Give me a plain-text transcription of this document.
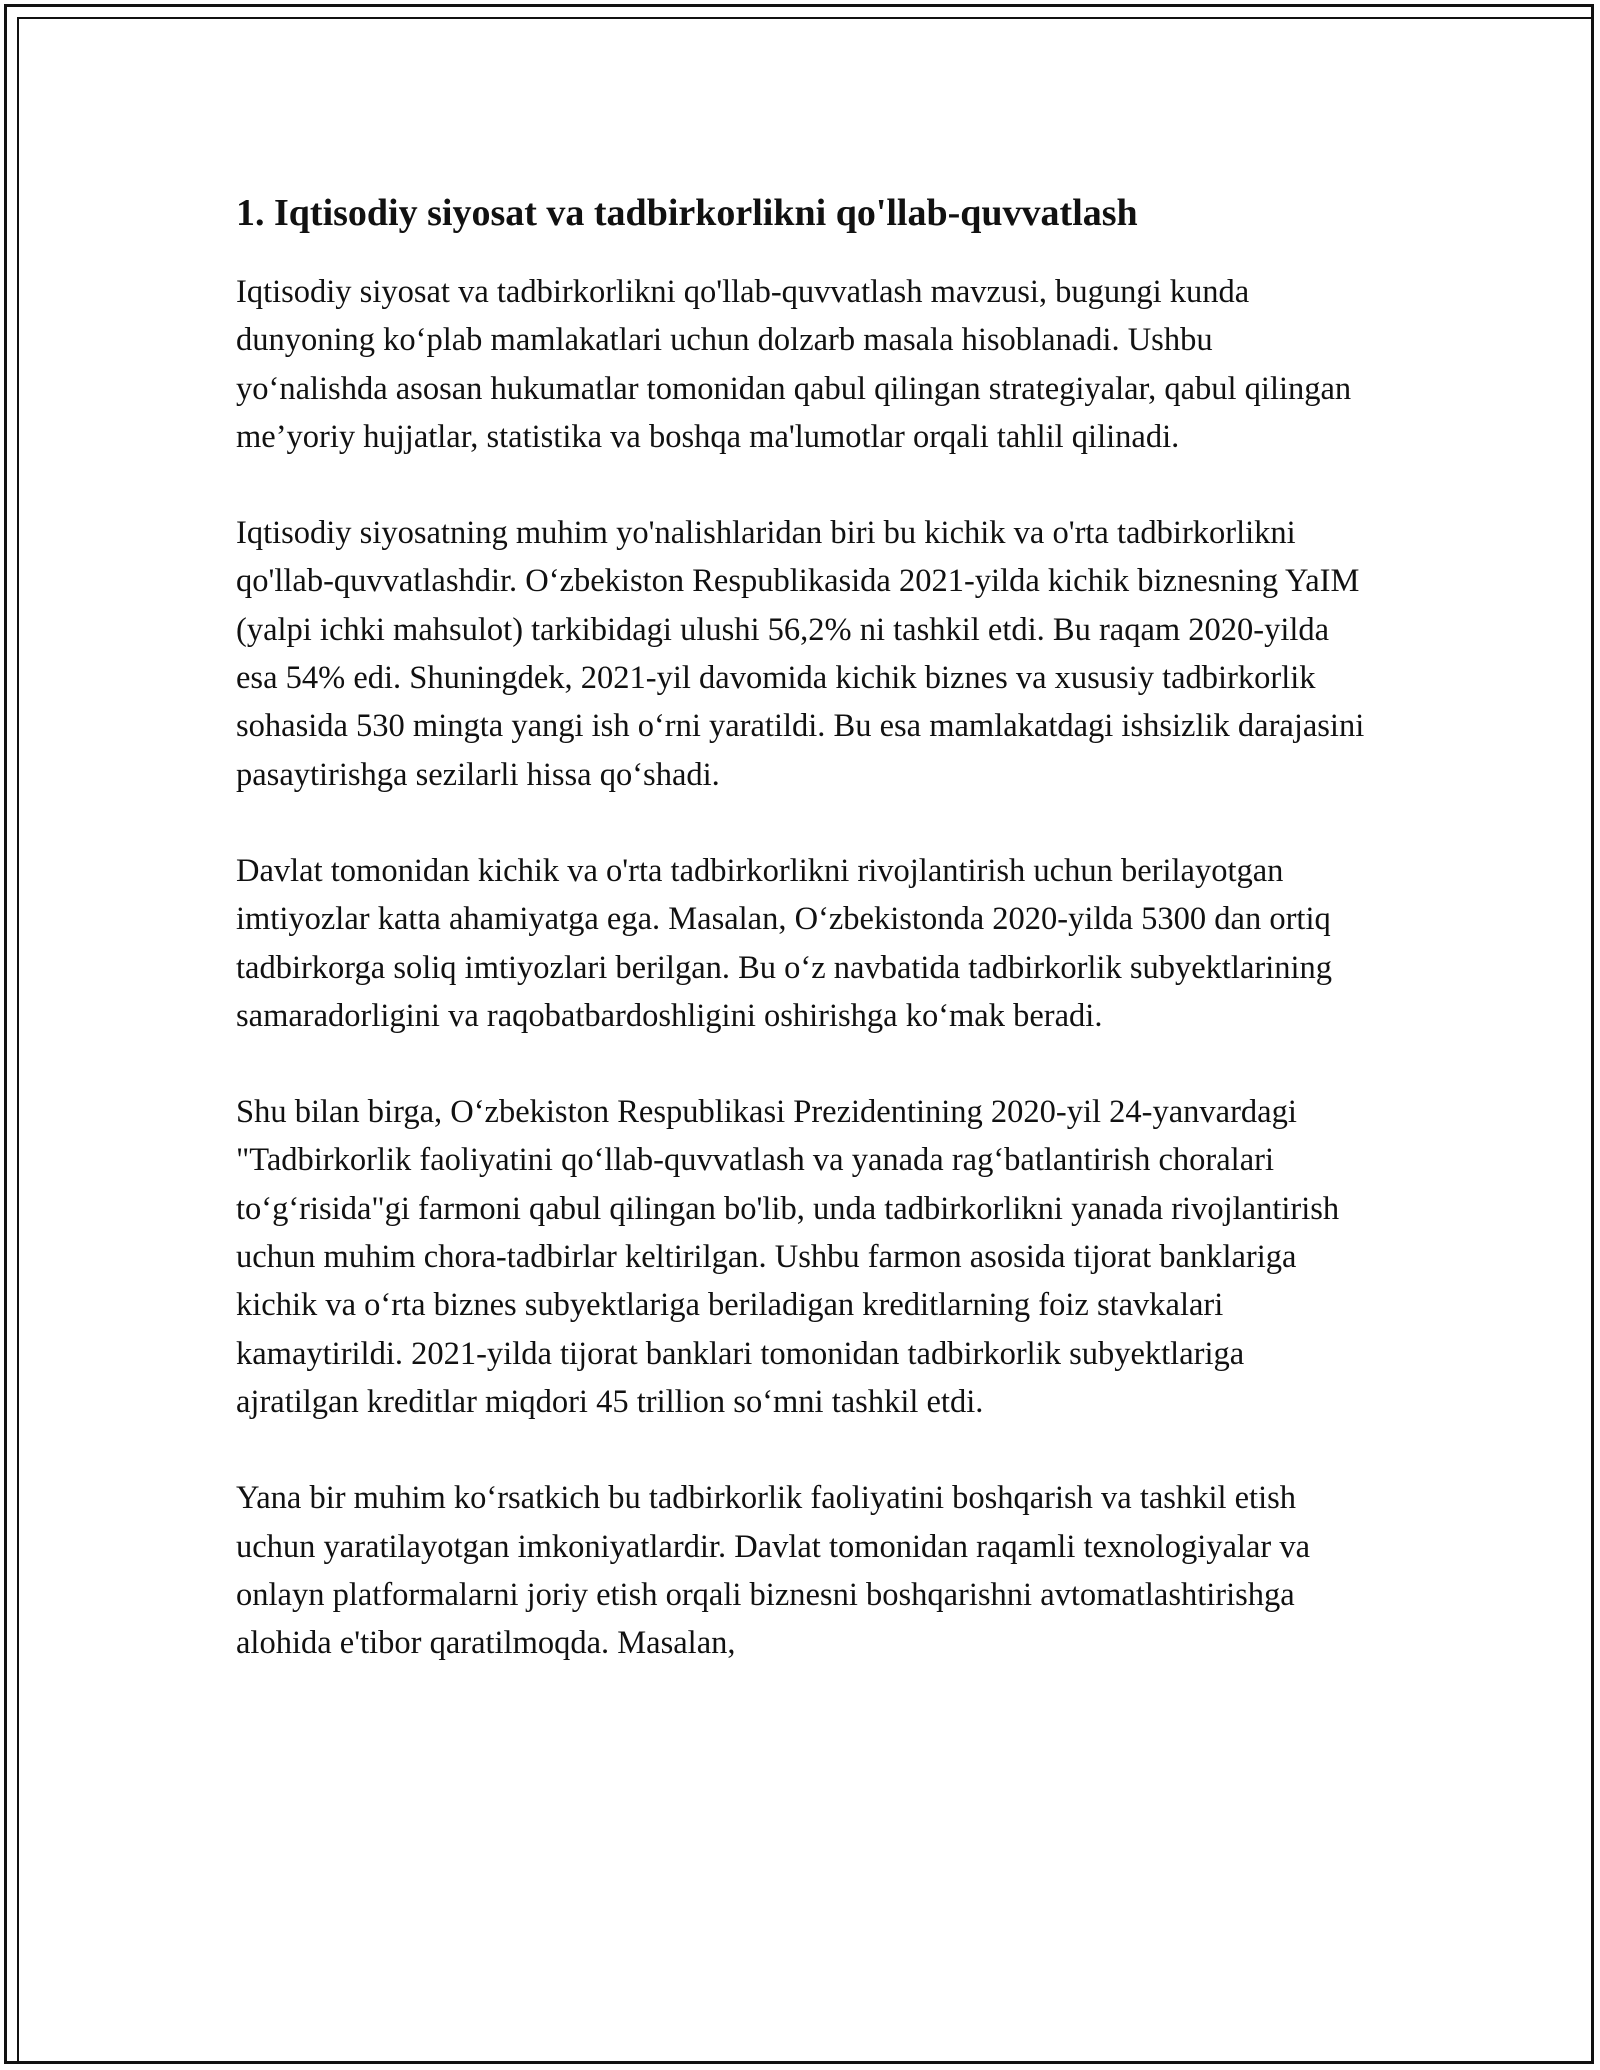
1. Iqtisodiy siyosat va tadbirkorlikni qo'llab-quvvatlash

Iqtisodiy siyosat va tadbirkorlikni qo'llab-quvvatlash mavzusi, bugungi kunda dunyoning ko‘plab mamlakatlari uchun dolzarb masala hisoblanadi. Ushbu yo‘nalishda asosan hukumatlar tomonidan qabul qilingan strategiyalar, qabul qilingan me’yoriy hujjatlar, statistika va boshqa ma'lumotlar orqali tahlil qilinadi.

Iqtisodiy siyosatning muhim yo'nalishlaridan biri bu kichik va o'rta tadbirkorlikni qo'llab-quvvatlashdir. O‘zbekiston Respublikasida 2021-yilda kichik biznesning YaIM (yalpi ichki mahsulot) tarkibidagi ulushi 56,2% ni tashkil etdi. Bu raqam 2020-yilda esa 54% edi. Shuningdek, 2021-yil davomida kichik biznes va xususiy tadbirkorlik sohasida 530 mingta yangi ish o‘rni yaratildi. Bu esa mamlakatdagi ishsizlik darajasini pasaytirishga sezilarli hissa qo‘shadi.

Davlat tomonidan kichik va o'rta tadbirkorlikni rivojlantirish uchun berilayotgan imtiyozlar katta ahamiyatga ega. Masalan, O‘zbekistonda 2020-yilda 5300 dan ortiq tadbirkorga soliq imtiyozlari berilgan. Bu o‘z navbatida tadbirkorlik subyektlarining samaradorligini va raqobatbardoshligini oshirishga ko‘mak beradi.

Shu bilan birga, O‘zbekiston Respublikasi Prezidentining 2020-yil 24-yanvardagi "Tadbirkorlik faoliyatini qo‘llab-quvvatlash va yanada rag‘batlantirish choralari to‘g‘risida"gi farmoni qabul qilingan bo'lib, unda tadbirkorlikni yanada rivojlantirish uchun muhim chora-tadbirlar keltirilgan. Ushbu farmon asosida tijorat banklariga kichik va o‘rta biznes subyektlariga beriladigan kreditlarning foiz stavkalari kamaytirildi. 2021-yilda tijorat banklari tomonidan tadbirkorlik subyektlariga ajratilgan kreditlar miqdori 45 trillion so‘mni tashkil etdi.

Yana bir muhim ko‘rsatkich bu tadbirkorlik faoliyatini boshqarish va tashkil etish uchun yaratilayotgan imkoniyatlardir. Davlat tomonidan raqamli texnologiyalar va onlayn platformalarni joriy etish orqali biznesni boshqarishni avtomatlashtirishga alohida e'tibor qaratilmoqda. Masalan,
